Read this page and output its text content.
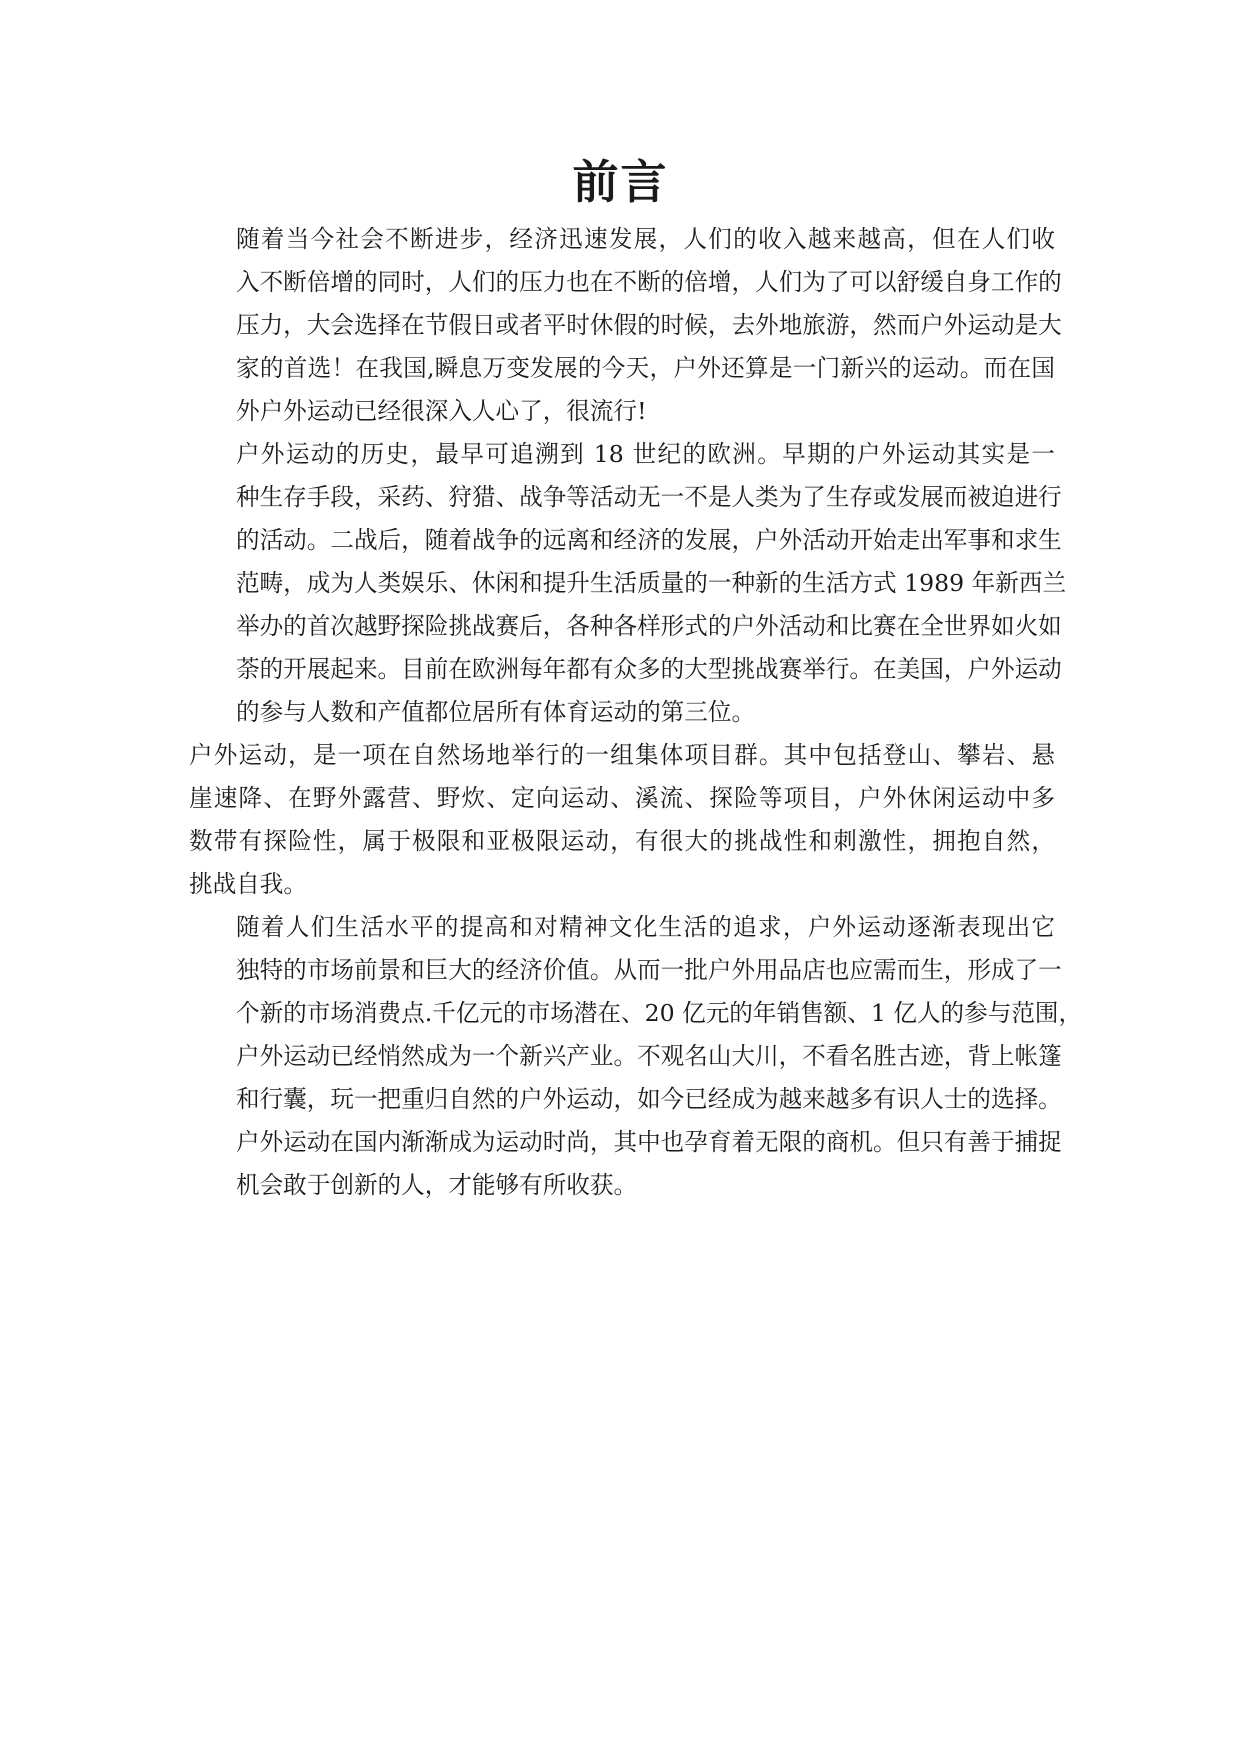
前言

随着当今社会不断进步，经济迅速发展，人们的收入越来越高，但在人们收
入不断倍增的同时，人们的压力也在不断的倍增，人们为了可以舒缓自身工作的
压力，大会选择在节假日或者平时休假的时候，去外地旅游，然而户外运动是大
家的首选！在我国,瞬息万变发展的今天，户外还算是一门新兴的运动。而在国
外户外运动已经很深入人心了，很流行!

户外运动的历史，最早可追溯到 18 世纪的欧洲。早期的户外运动其实是一
种生存手段，采药、狩猎、战争等活动无一不是人类为了生存或发展而被迫进行
的活动。二战后，随着战争的远离和经济的发展，户外活动开始走出军事和求生
范畴，成为人类娱乐、休闲和提升生活质量的一种新的生活方式 1989 年新西兰
举办的首次越野探险挑战赛后，各种各样形式的户外活动和比赛在全世界如火如
荼的开展起来。目前在欧洲每年都有众多的大型挑战赛举行。在美国，户外运动
的参与人数和产值都位居所有体育运动的第三位。

户外运动，是一项在自然场地举行的一组集体项目群。其中包括登山、攀岩、悬
崖速降、在野外露营、野炊、定向运动、溪流、探险等项目，户外休闲运动中多
数带有探险性，属于极限和亚极限运动，有很大的挑战性和刺激性，拥抱自然，
挑战自我。

随着人们生活水平的提高和对精神文化生活的追求，户外运动逐渐表现出它
独特的市场前景和巨大的经济价值。从而一批户外用品店也应需而生，形成了一
个新的市场消费点.千亿元的市场潜在、20 亿元的年销售额、1 亿人的参与范围，
户外运动已经悄然成为一个新兴产业。不观名山大川，不看名胜古迹，背上帐篷
和行囊，玩一把重归自然的户外运动，如今已经成为越来越多有识人士的选择。
户外运动在国内渐渐成为运动时尚，其中也孕育着无限的商机。但只有善于捕捉
机会敢于创新的人，才能够有所收获。
